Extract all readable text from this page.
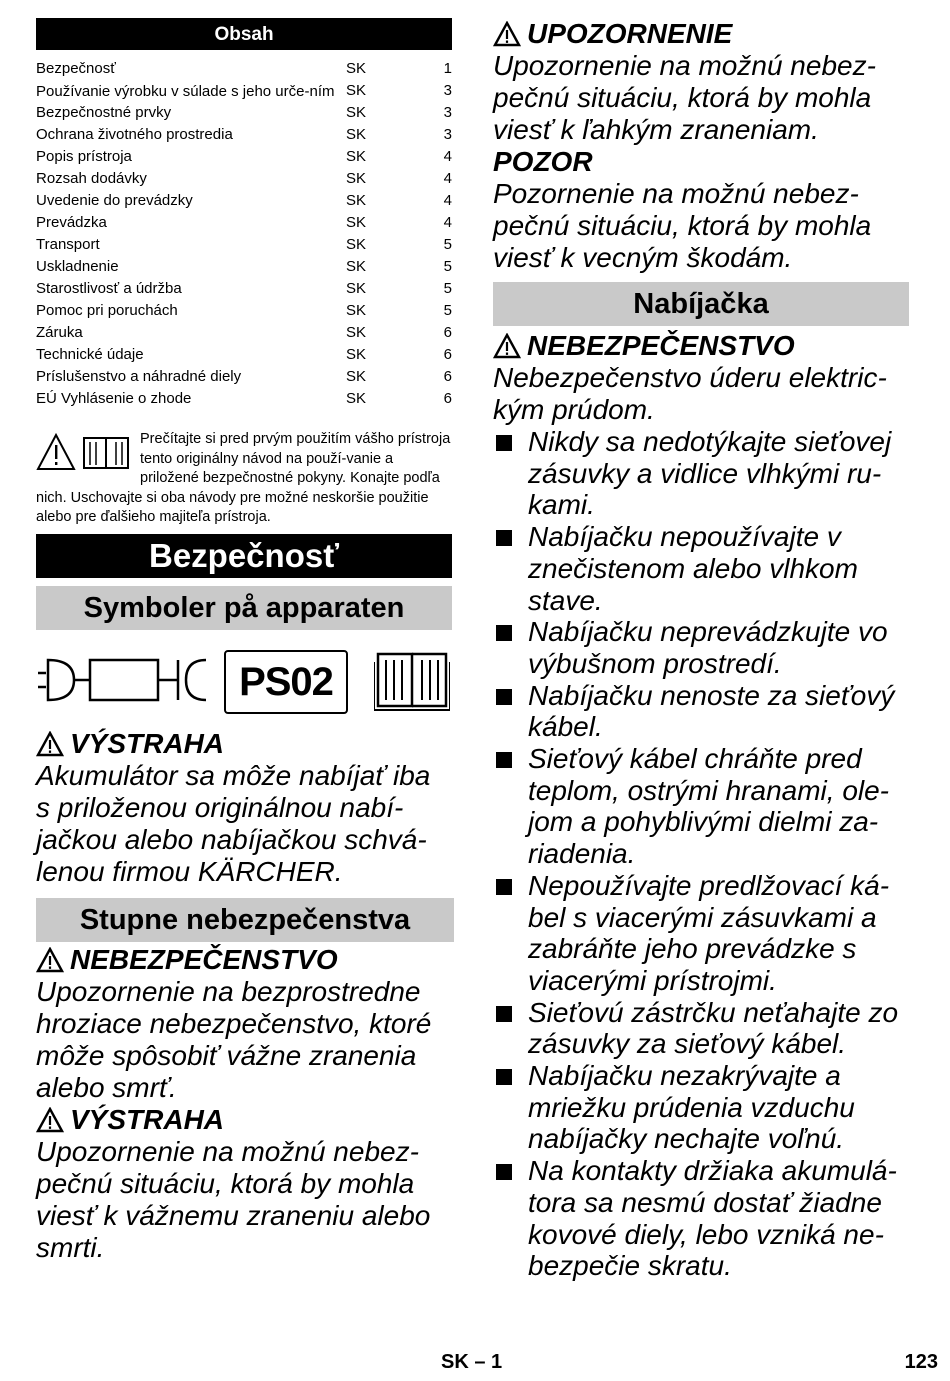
Obsah
Bezpečnosť	SK	1
Používanie výrobku v súlade s jeho urče-ním SK	3
Bezpečnostné prvky	SK	3
Ochrana životného prostredia	SK	3
Popis prístroja	SK	4
Rozsah dodávky	SK	4
Uvedenie do prevádzky	SK	4
Prevádzka	SK	4
Transport	SK	5
Uskladnenie	SK	5
Starostlivosť a údržba	SK	5
Pomoc pri poruchách	SK	5
Záruka	SK	6
Technické údaje	SK	6
Príslušenstvo a náhradné diely	SK	6
EÚ Vyhlásenie o zhode	SK	6
Prečítajte si pred prvým použitím vášho prístroja tento originálny návod na použí-vanie a priložené bezpečnostné pokyny. Konajte podľa nich. Uschovajte si oba návody pre možné neskoršie použitie alebo pre ďalšieho majiteľa prístroja.
Bezpečnosť
Symboler på apparaten
PS02
VÝSTRAHA
Akumulátor sa môže nabíjať iba s priloženou originálnou nabí-jačkou alebo nabíjačkou schvá-lenou firmou KÄRCHER.
Stupne nebezpečenstva
NEBEZPEČENSTVO
Upozornenie na bezprostredne hroziace nebezpečenstvo, ktoré môže spôsobiť vážne zranenia alebo smrť.
VÝSTRAHA
Upozornenie na možnú nebez-pečnú situáciu, ktorá by mohla viesť k vážnemu zraneniu alebo smrti.
UPOZORNENIE
Upozornenie na možnú nebez-pečnú situáciu, ktorá by mohla viesť k ľahkým zraneniam.
POZOR
Pozornenie na možnú nebez-pečnú situáciu, ktorá by mohla viesť k vecným škodám.
Nabíjačka
NEBEZPEČENSTVO
Nebezpečenstvo úderu elektric-kým prúdom.
Nikdy sa nedotýkajte sieťovej zásuvky a vidlice vlhkými ru-kami.
Nabíjačku nepoužívajte v znečistenom alebo vlhkom stave.
Nabíjačku neprevádzkujte vo výbušnom prostredí.
Nabíjačku nenoste za sieťový kábel.
Sieťový kábel chráňte pred teplom, ostrými hranami, ole-jom a pohyblivými dielmi za-riadenia.
Nepoužívajte predlžovací ká-bel s viacerými zásuvkami a zabráňte jeho prevádzke s viacerými prístrojmi.
Sieťovú zástrčku neťahajte zo zásuvky za sieťový kábel.
Nabíjačku nezakrývajte a mriežku prúdenia vzduchu nabíjačky nechajte voľnú.
Na kontakty držiaka akumulá-tora sa nesmú dostať žiadne kovové diely, lebo vzniká ne-bezpečie skratu.
SK – 1	123
